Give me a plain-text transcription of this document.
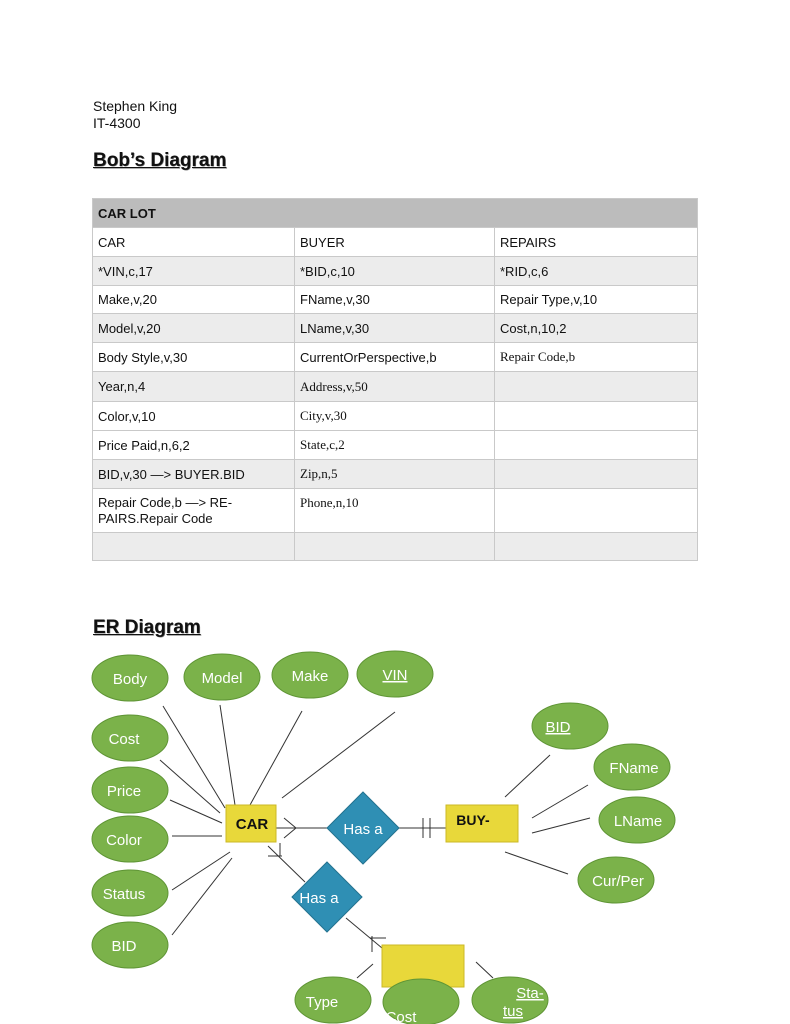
Stephen King
IT-4300
Bob’s Diagram
CAR LOT		
CAR	BUYER	REPAIRS
*VIN,c,17	*BID,c,10	*RID,c,6
Make,v,20	FName,v,30	Repair Type,v,10
Model,v,20	LName,v,30	Cost,n,10,2
Body Style,v,30	CurrentOrPerspective,b	Repair Code,b
Year,n,4	Address,v,50	
Color,v,10	City,v,30	
Price Paid,n,6,2	State,c,2	
BID,v,30 —> BUYER.BID	Zip,n,5	
Repair Code,b —> RE-
PAIRS.Repair Code	Phone,n,10	

ER Diagram
Body	Model	Make	VIN
Cost
Price
Color
Status
BID
BID
FName
LName
Cur/Per
CAR	BUY-
Has a
Has a
Type
Cost
Sta-
tus
